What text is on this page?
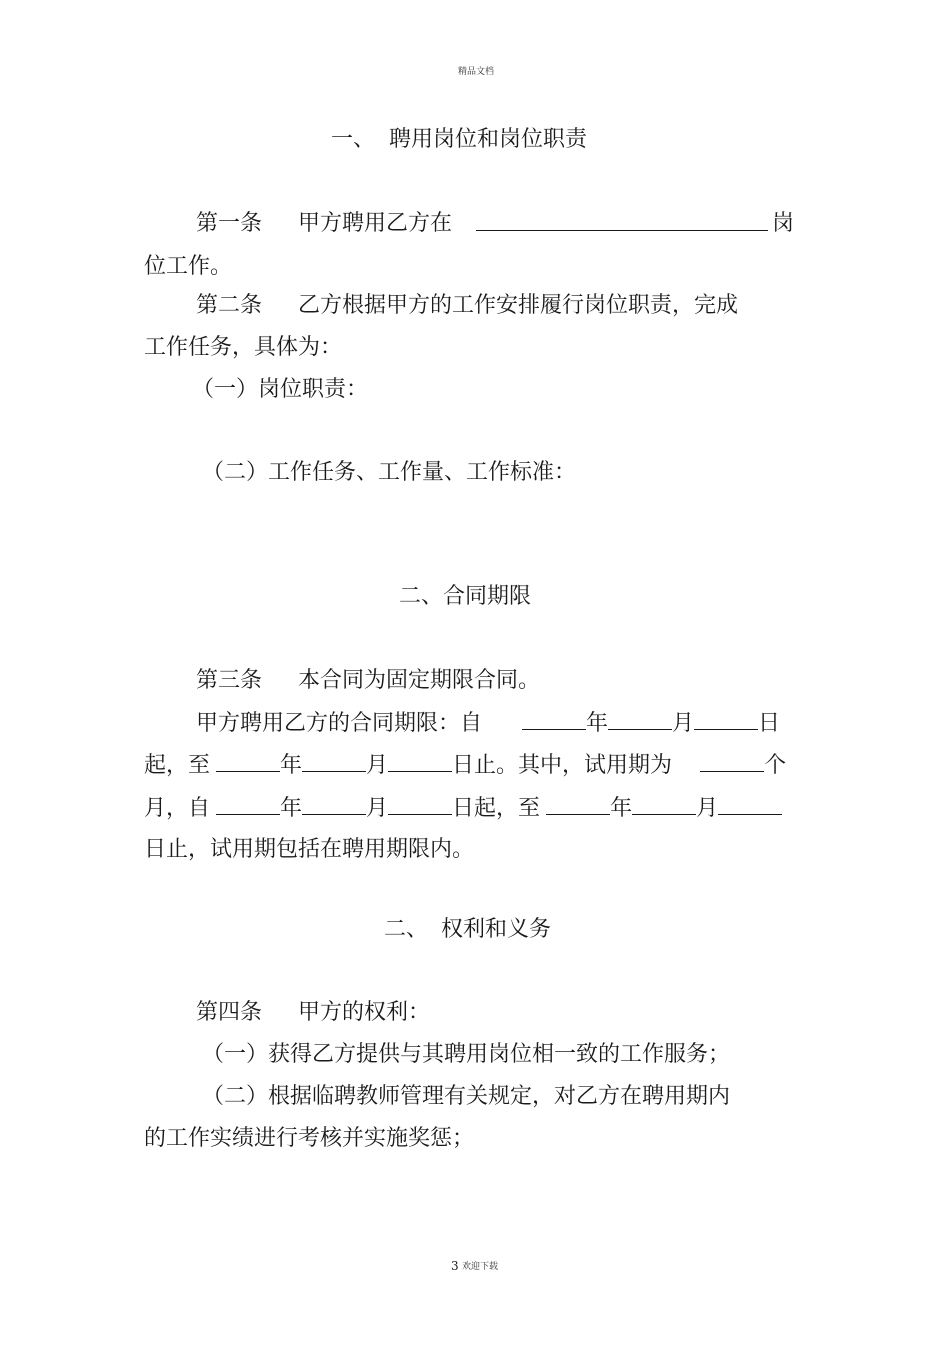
精品文档
一、 聘用岗位和岗位职责
第一条 甲方聘用乙方在	岗
位工作。
第二条 乙方根据甲方的工作安排履行岗位职责，完成
工作任务，具体为：
（一）岗位职责：
（二）工作任务、工作量、工作标准：
二、合同期限
第三条 本合同为固定期限合同。
甲方聘用乙方的合同期限：自	年	月	日
起，至	年	月	日止。其中，试用期为	个
月，自	年	月	日起，至	年	月
日止，试用期包括在聘用期限内。
二、 权利和义务
第四条 甲方的权利：
（一）获得乙方提供与其聘用岗位相一致的工作服务；
（二）根据临聘教师管理有关规定，对乙方在聘用期内
的工作实绩进行考核并实施奖惩；
3 欢迎下载
